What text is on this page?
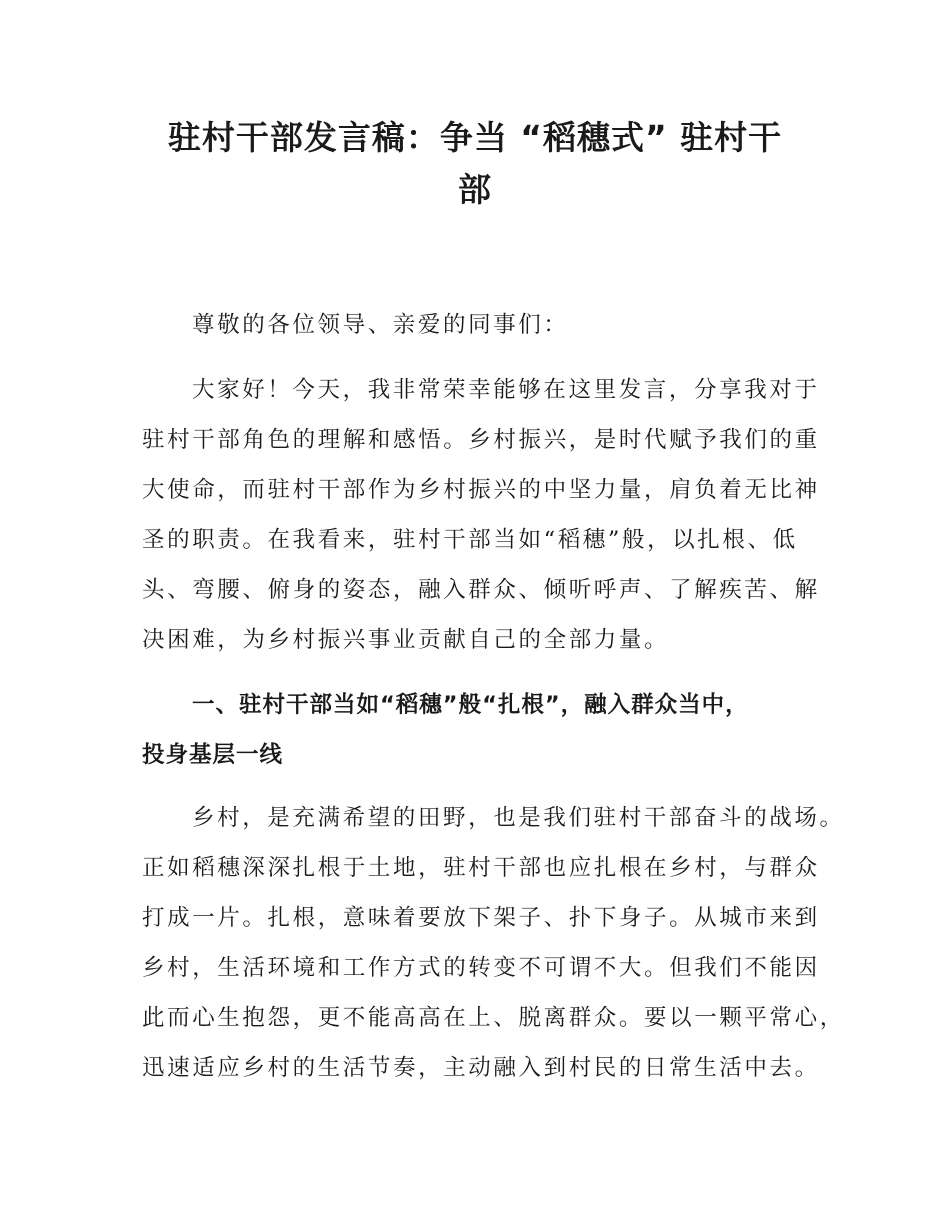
驻村干部发言稿：争当 “稻穗式” 驻村干
部

尊敬的各位领导、亲爱的同事们：

大家好！今天，我非常荣幸能够在这里发言，分享我对于
驻村干部角色的理解和感悟。乡村振兴，是时代赋予我们的重
大使命，而驻村干部作为乡村振兴的中坚力量，肩负着无比神
圣的职责。在我看来，驻村干部当如“稻穗”般，以扎根、低
头、弯腰、俯身的姿态，融入群众、倾听呼声、了解疾苦、解
决困难，为乡村振兴事业贡献自己的全部力量。

一、驻村干部当如“稻穗”般“扎根”，融入群众当中，
投身基层一线

乡村，是充满希望的田野，也是我们驻村干部奋斗的战场。
正如稻穗深深扎根于土地，驻村干部也应扎根在乡村，与群众
打成一片。扎根，意味着要放下架子、扑下身子。从城市来到
乡村，生活环境和工作方式的转变不可谓不大。但我们不能因
此而心生抱怨，更不能高高在上、脱离群众。要以一颗平常心，
迅速适应乡村的生活节奏，主动融入到村民的日常生活中去。
